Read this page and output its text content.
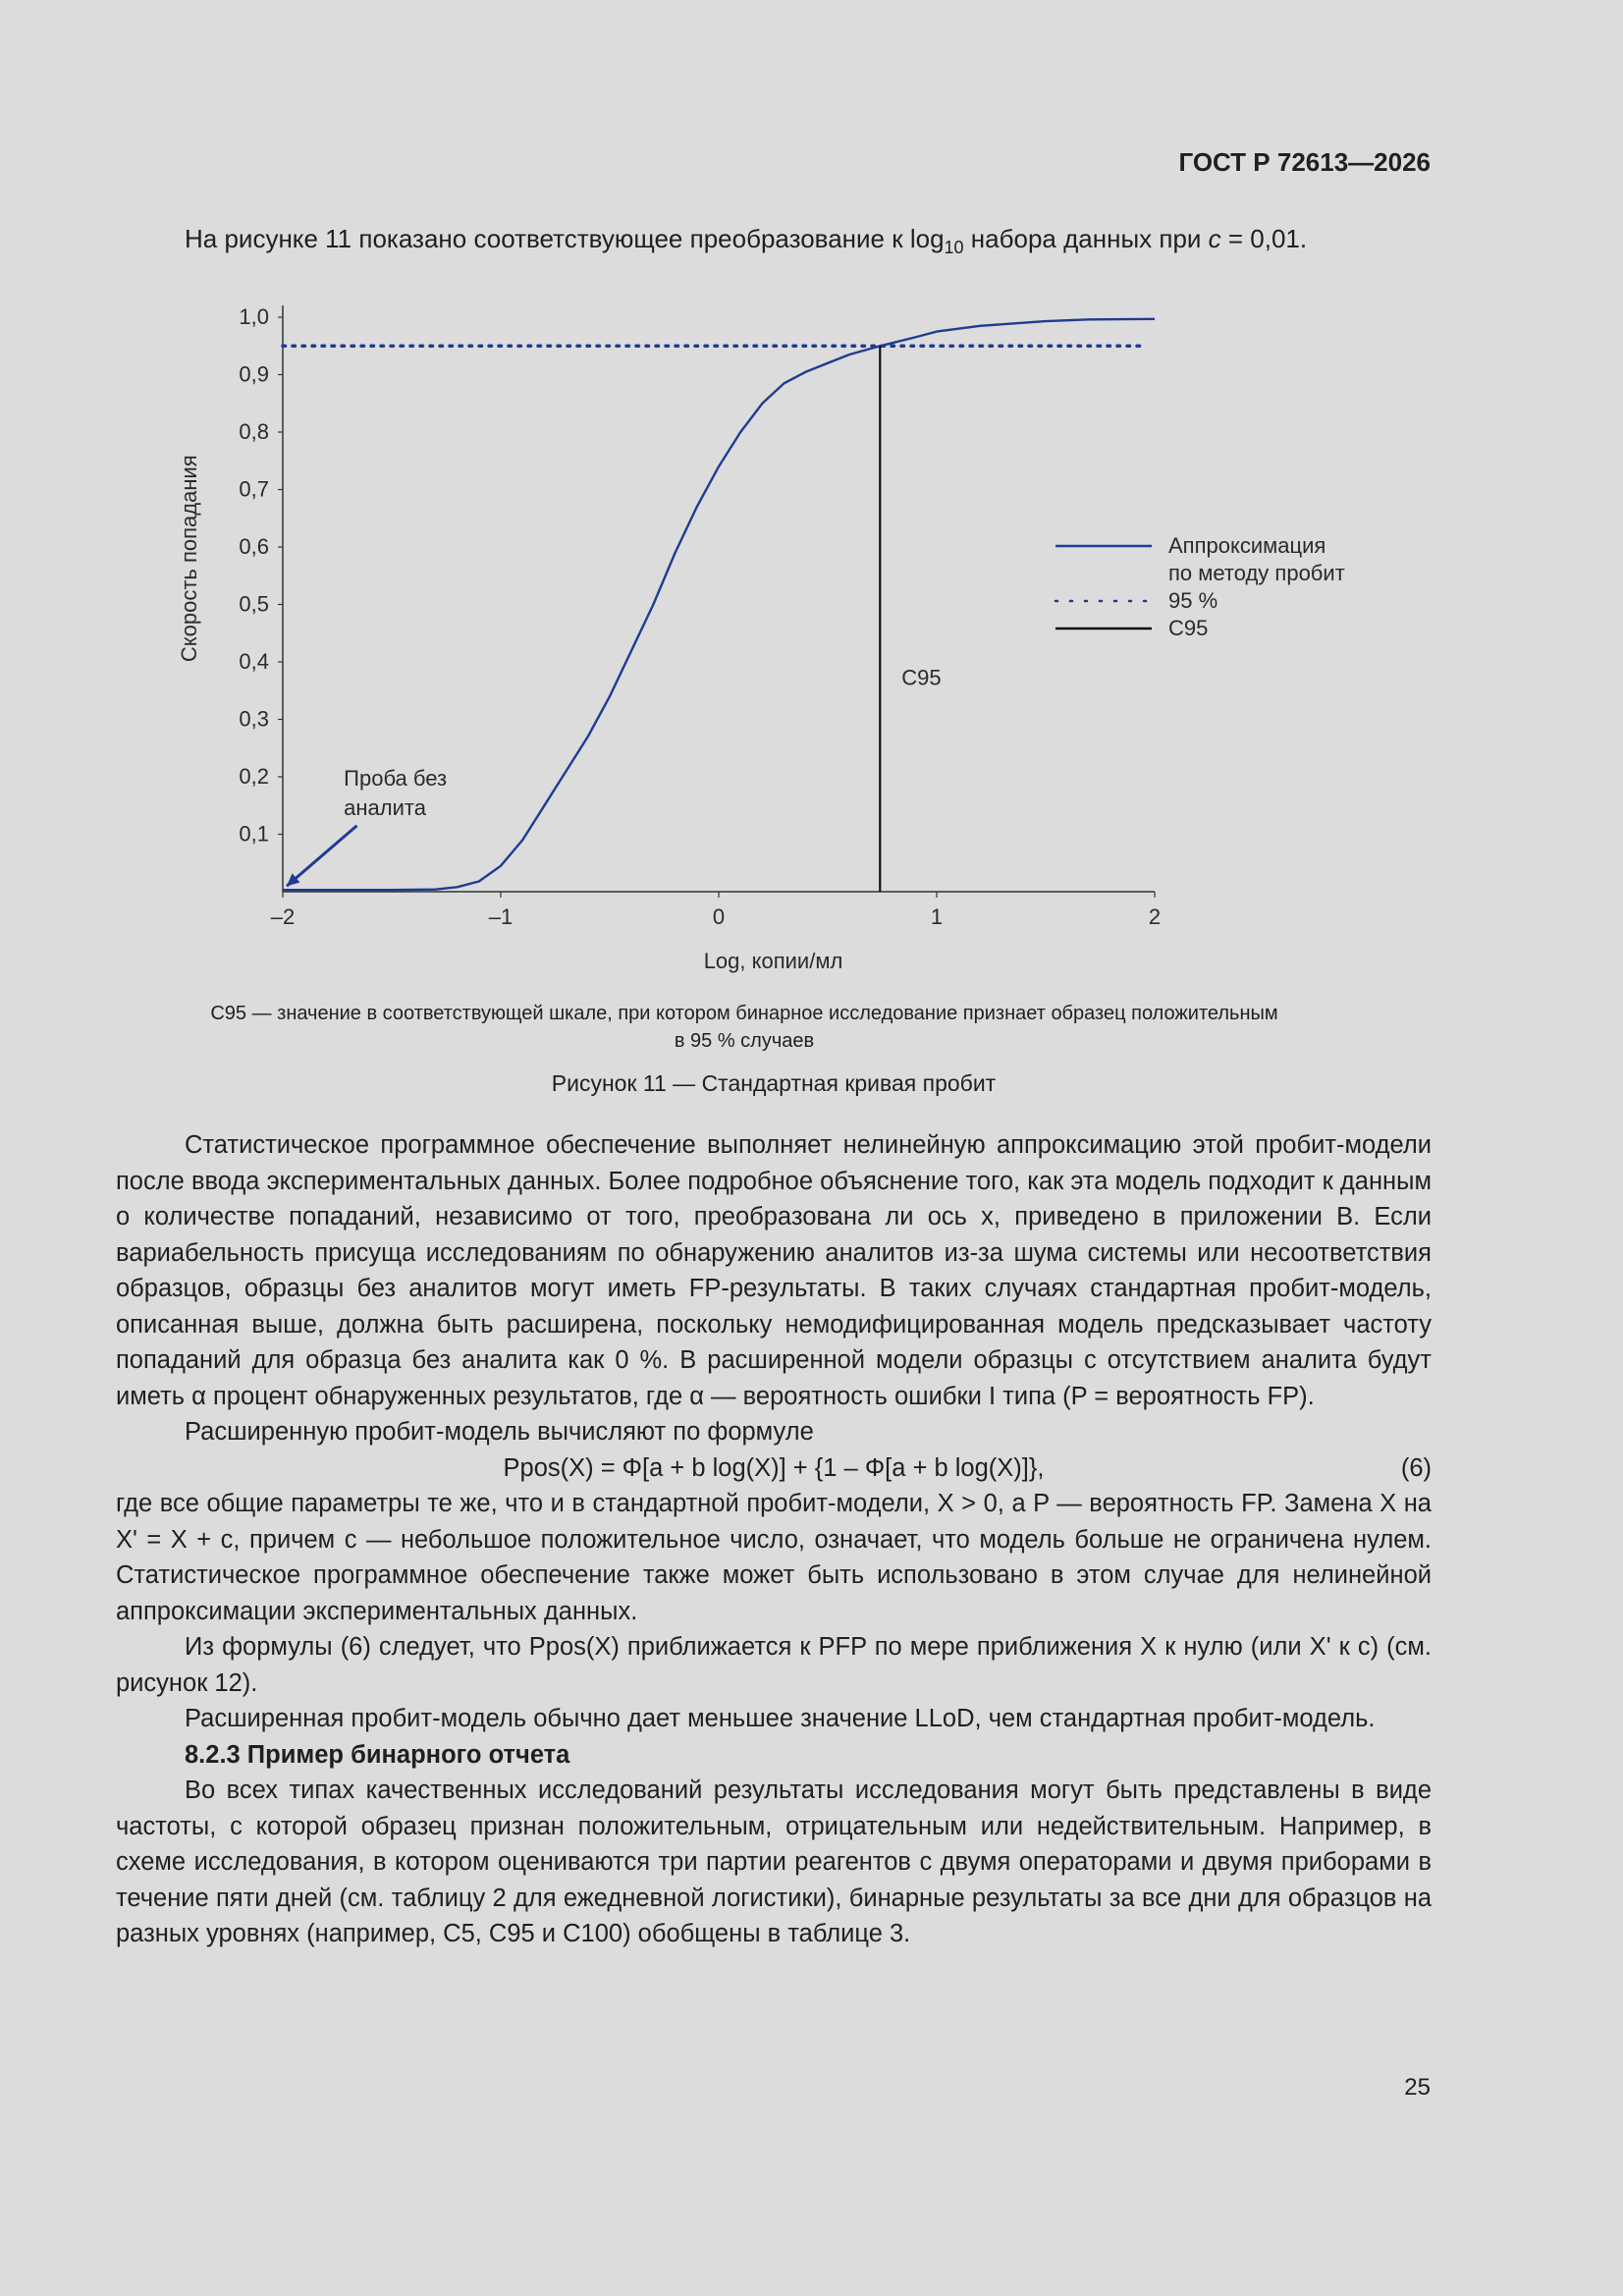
ГОСТ Р 72613—2026
На рисунке 11 показано соответствующее преобразование к $\log_{10}$ набора данных при c = 0,01.
1,0
0,9
0,8
0,7
0,6
0,5
0,4
0,3
0,2
0,1
–2	–1	0	1	2
Log, копии/мл
Скорость попадания
C95
Проба без
аналита
Аппроксимация
по методу пробит
95 %
C95
С95 — значение в соответствующей шкале, при котором бинарное исследование признает образец положительным
в 95 % случаев
Рисунок 11 — Стандартная кривая пробит

Статистическое программное обеспечение выполняет нелинейную аппроксимацию этой пробит-модели после ввода экспериментальных данных. Более подробное объяснение того, как эта модель подходит к данным о количестве попаданий, независимо от того, преобразована ли ось x, приведено в приложении B. Если вариабельность присуща исследованиям по обнаружению аналитов из-за шума системы или несоответствия образцов, образцы без аналитов могут иметь FP-результаты. В таких случаях стандартная пробит-модель, описанная выше, должна быть расширена, поскольку немодифицированная модель предсказывает частоту попаданий для образца без аналита как 0 %. В расширенной модели образцы с отсутствием аналита будут иметь α процент обнаруженных результатов, где α — вероятность ошибки I типа (P = вероятность FP).

Расширенную пробит-модель вычисляют по формуле

Ppos(X) = Φ[a + b log(X)] + {1 – Φ[a + b log(X)]},	(6)

где все общие параметры те же, что и в стандартной пробит-модели, X > 0, а P — вероятность FP. Замена X на X' = X + c, причем c — небольшое положительное число, означает, что модель больше не ограничена нулем. Статистическое программное обеспечение также может быть использовано в этом случае для нелинейной аппроксимации экспериментальных данных.

Из формулы (6) следует, что Ppos(X) приближается к PFP по мере приближения X к нулю (или X' к c) (см. рисунок 12).

Расширенная пробит-модель обычно дает меньшее значение LLoD, чем стандартная пробит-модель.

8.2.3 Пример бинарного отчета

Во всех типах качественных исследований результаты исследования могут быть представлены в виде частоты, с которой образец признан положительным, отрицательным или недействительным. Например, в схеме исследования, в котором оцениваются три партии реагентов с двумя операторами и двумя приборами в течение пяти дней (см. таблицу 2 для ежедневной логистики), бинарные результаты за все дни для образцов на разных уровнях (например, C5, C95 и C100) обобщены в таблице 3.

25
